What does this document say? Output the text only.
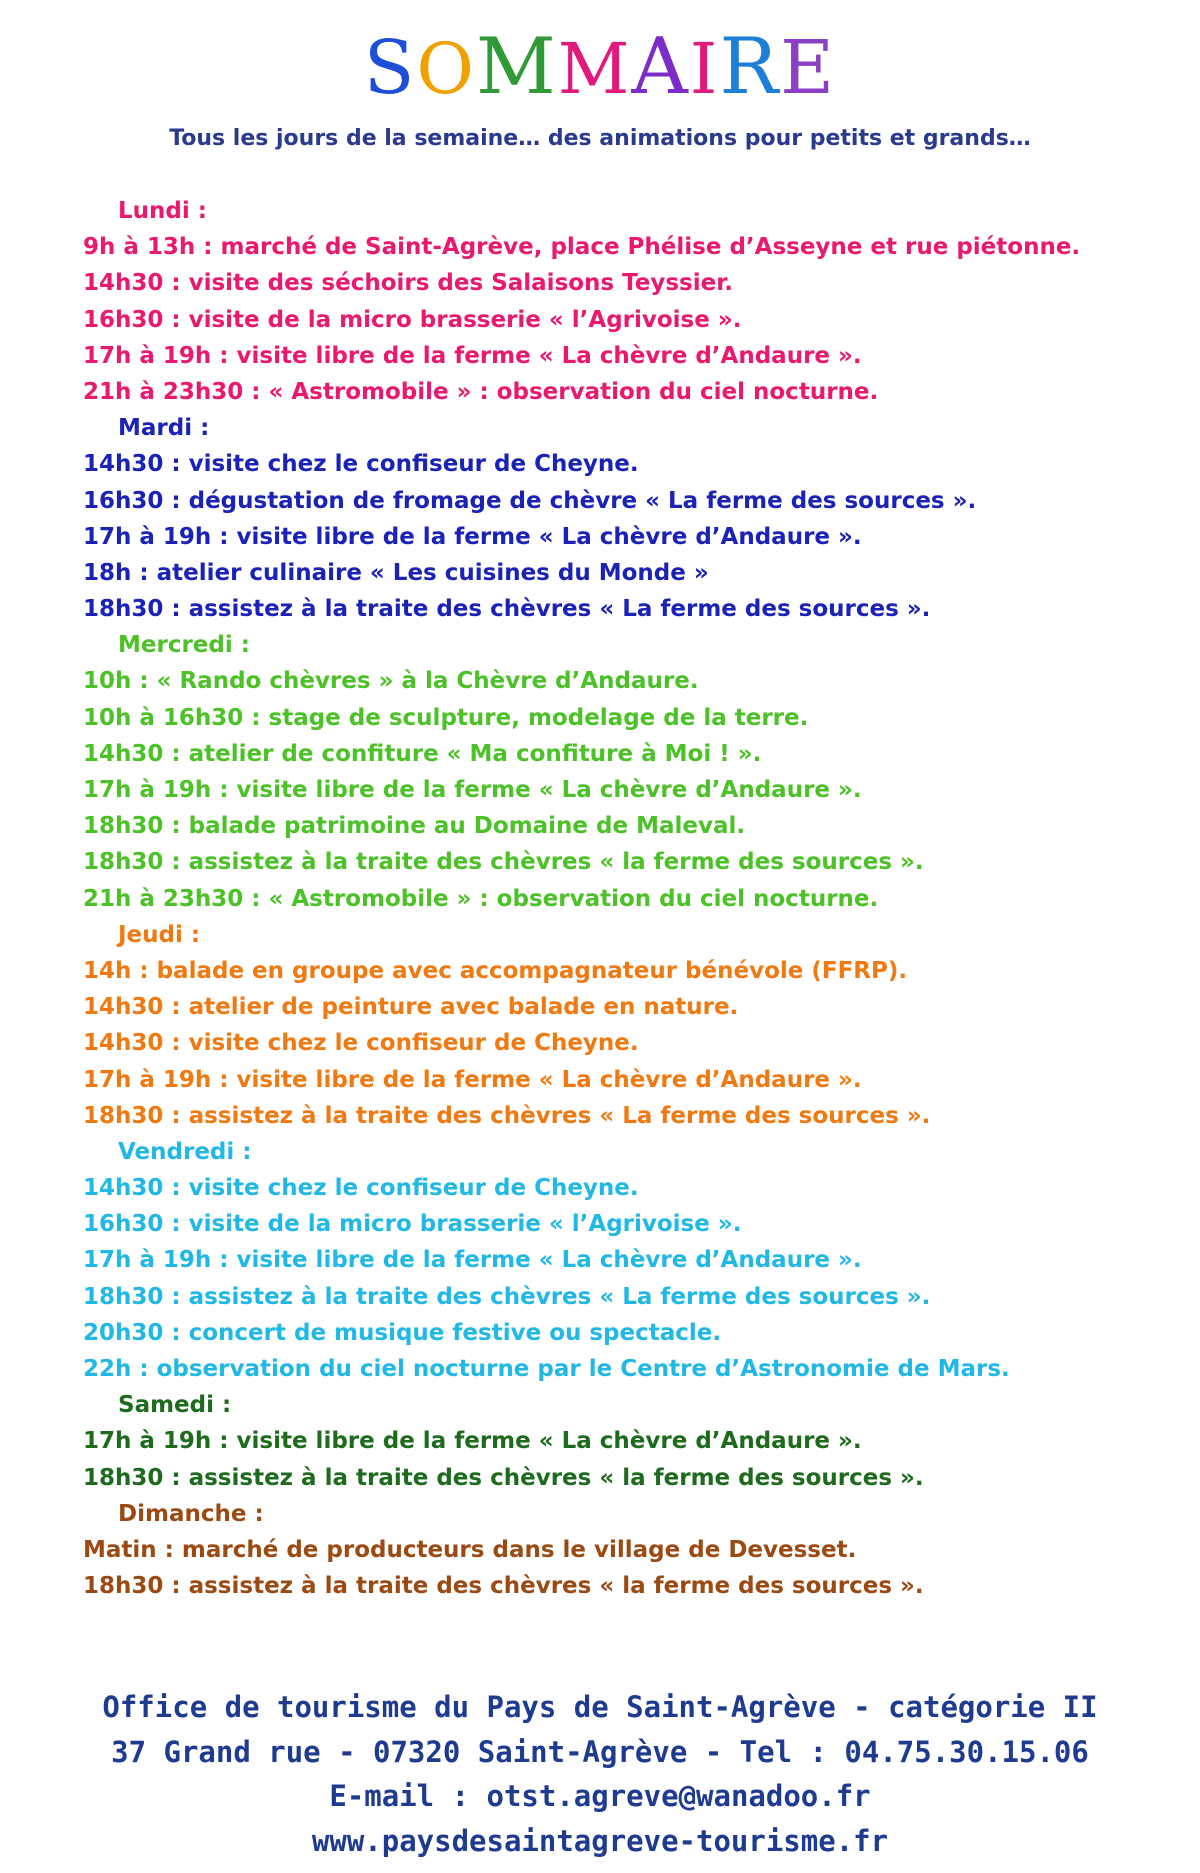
SOMMAIRE
Tous les jours de la semaine… des animations pour petits et grands…
Lundi :
9h à 13h : marché de Saint-Agrève, place Phélise d’Asseyne et rue piétonne.
14h30 : visite des séchoirs des Salaisons Teyssier.
16h30 : visite de la micro brasserie « l’Agrivoise ».
17h à 19h : visite libre de la ferme « La chèvre d’Andaure ».
21h à 23h30 : « Astromobile » : observation du ciel nocturne.
Mardi :
14h30 : visite chez le confiseur de Cheyne.
16h30 : dégustation de fromage de chèvre « La ferme des sources ».
17h à 19h : visite libre de la ferme « La chèvre d’Andaure ».
18h : atelier culinaire « Les cuisines du Monde »
18h30 : assistez à la traite des chèvres « La ferme des sources ».
Mercredi :
10h : « Rando chèvres » à la Chèvre d’Andaure.
10h à 16h30 : stage de sculpture, modelage de la terre.
14h30 : atelier de confiture « Ma confiture à Moi ! ».
17h à 19h : visite libre de la ferme « La chèvre d’Andaure ».
18h30 : balade patrimoine au Domaine de Maleval.
18h30 : assistez à la traite des chèvres « la ferme des sources ».
21h à 23h30 : « Astromobile » : observation du ciel nocturne.
Jeudi :
14h : balade en groupe avec accompagnateur bénévole (FFRP).
14h30 : atelier de peinture avec balade en nature.
14h30 : visite chez le confiseur de Cheyne.
17h à 19h : visite libre de la ferme « La chèvre d’Andaure ».
18h30 : assistez à la traite des chèvres « La ferme des sources ».
Vendredi :
14h30 : visite chez le confiseur de Cheyne.
16h30 : visite de la micro brasserie « l’Agrivoise ».
17h à 19h : visite libre de la ferme « La chèvre d’Andaure ».
18h30 : assistez à la traite des chèvres « La ferme des sources ».
20h30 : concert de musique festive ou spectacle.
22h : observation du ciel nocturne par le Centre d’Astronomie de Mars.
Samedi :
17h à 19h : visite libre de la ferme « La chèvre d’Andaure ».
18h30 : assistez à la traite des chèvres « la ferme des sources ».
Dimanche :
Matin : marché de producteurs dans le village de Devesset.
18h30 : assistez à la traite des chèvres « la ferme des sources ».
Office de tourisme du Pays de Saint-Agrève - catégorie II
37 Grand rue - 07320 Saint-Agrève - Tel : 04.75.30.15.06
E-mail : otst.agreve@wanadoo.fr
www.paysdesaintagreve-tourisme.fr
